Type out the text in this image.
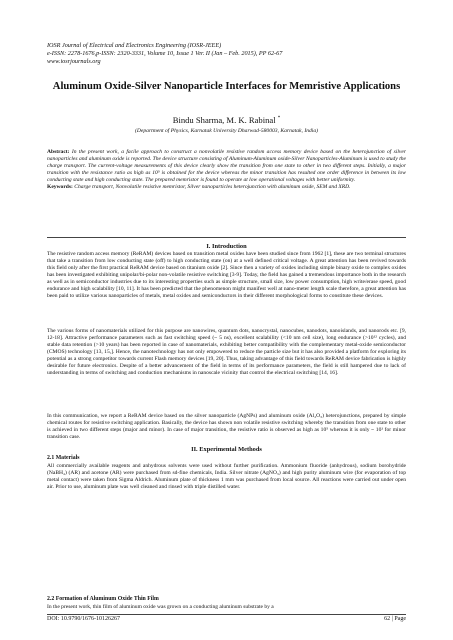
IOSR Journal of Electrical and Electronics Engineering (IOSR-JEEE)
e-ISSN: 2278-1676,p-ISSN: 2320-3331, Volume 10, Issue 1 Ver. II (Jan – Feb. 2015), PP 62-67
www.iosrjournals.org
Aluminum Oxide-Silver Nanoparticle Interfaces for Memristive Applications
Bindu Sharma, M. K. Rabinal *
(Department of Physics, Karnatak University Dharwad-580003, Karnatak, India)
Abstract: In the present work, a facile approach to construct a nonvolatile resistive random access memory device based on the heterojunction of silver nanoparticles and aluminum oxide is reported. The device structure consisting of Aluminum-Aluminum oxide-Silver Nanoparticles-Aluminum is used to study the charge transport. The current-voltage measurements of this device clearly show the transition from one state to other in two different steps. Initially, a major transition with the resistance ratio as high as 10⁵ is obtained for the device whereas the minor transition has resulted one order difference in between its low conducting state and high conducting state. The prepared memristor is found to operate at low operational voltages with better uniformity.
Keywords: Charge transport, Nonvolatile resistive memristor, Silver nanoparticles heterojunction with aluminum oxide, SEM and XRD.
I. Introduction
The resistive random access memory (ReRAM) devices based on transition metal oxides have been studied since from 1962 [1], these are two terminal structures that take a transition from low conducting state (off) to high conducting state (on) at a well defined critical voltage. A great attention has been revived towards this field only after the first practical ReRAM device based on titanium oxide [2]. Since then a variety of oxides including simple binary oxide to complex oxides has been investigated exhibiting unipolar/bi-polar non-volatile resistive switching [3-9]. Today, the field has gained a tremendous importance both in the research as well as in semiconductor industries due to its interesting properties such as simple structure, small size, low power consumption, high write/erase speed, good endurance and high scalability [10, 11]. It has been predicted that the phenomenon might manifest well at nano-meter length scale therefore, a great attention has been paid to utilize various nanoparticles of metals, metal oxides and semiconductors in their different morphological forms to constitute these devices.
The various forms of nanomaterials utilized for this purpose are nanowires, quantum dots, nanocrystal, nanocubes, nanodots, nanoislands, and nanorods etc. [9, 12-18]. Attractive performance parameters such as fast switching speed (~ 5 ns), excellent scalability (<10 nm cell size), long endurance (>10¹² cycles), and stable data retention (>10 years) has been reported in case of nanomaterials, exhibiting better compatibility with the complementary metal-oxide semiconductor (CMOS) technology [13, 15,]. Hence, the nanotechnology has not only empowered to reduce the particle size but it has also provided a platform for exploring its potential as a strong competitor towards current Flash memory devices [19, 20]. Thus, taking advantage of this field towards ReRAM device fabrication is highly desirable for future electronics. Despite of a better advancement of the field in terms of its performance parameters, the field is still hampered due to lack of understanding in terms of switching and conduction mechanisms in nanoscale vicinity that control the electrical switching [14, 16].
In this communication, we report a ReRAM device based on the silver nanoparticle (AgNPs) and aluminum oxide (Al₂O₃) heterojunctions, prepared by simple chemical routes for resistive switching application. Basically, the device has shown non volatile resistive switching whereby the transition from one state to other is achieved in two different steps (major and minor). In case of major transition, the resistive ratio is observed as high as 10⁵ whereas it is only ~ 10¹ for minor transition case.
II. Experimental Methods
2.1 Materials
All commercially available reagents and anhydrous solvents were used without further purification. Ammonium fluoride (anhydrous), sodium borohydride (NaBH₄) (AR) and acetone (AR) were purchased from sd-fine chemicals, India. Silver nitrate (AgNO₃) and high purity aluminum wire (for evaporation of top metal contact) were taken from Sigma Aldrich. Aluminum plate of thickness 1 mm was purchased from local source. All reactions were carried out under open air. Prior to use, aluminum plate was well cleaned and rinsed with triple distilled water.
2.2 Formation of Aluminum Oxide Thin Film
In the present work, thin film of aluminum oxide was grown on a conducting aluminum substrate by a
DOI: 10.9790/1676-10126267	62 | Page
